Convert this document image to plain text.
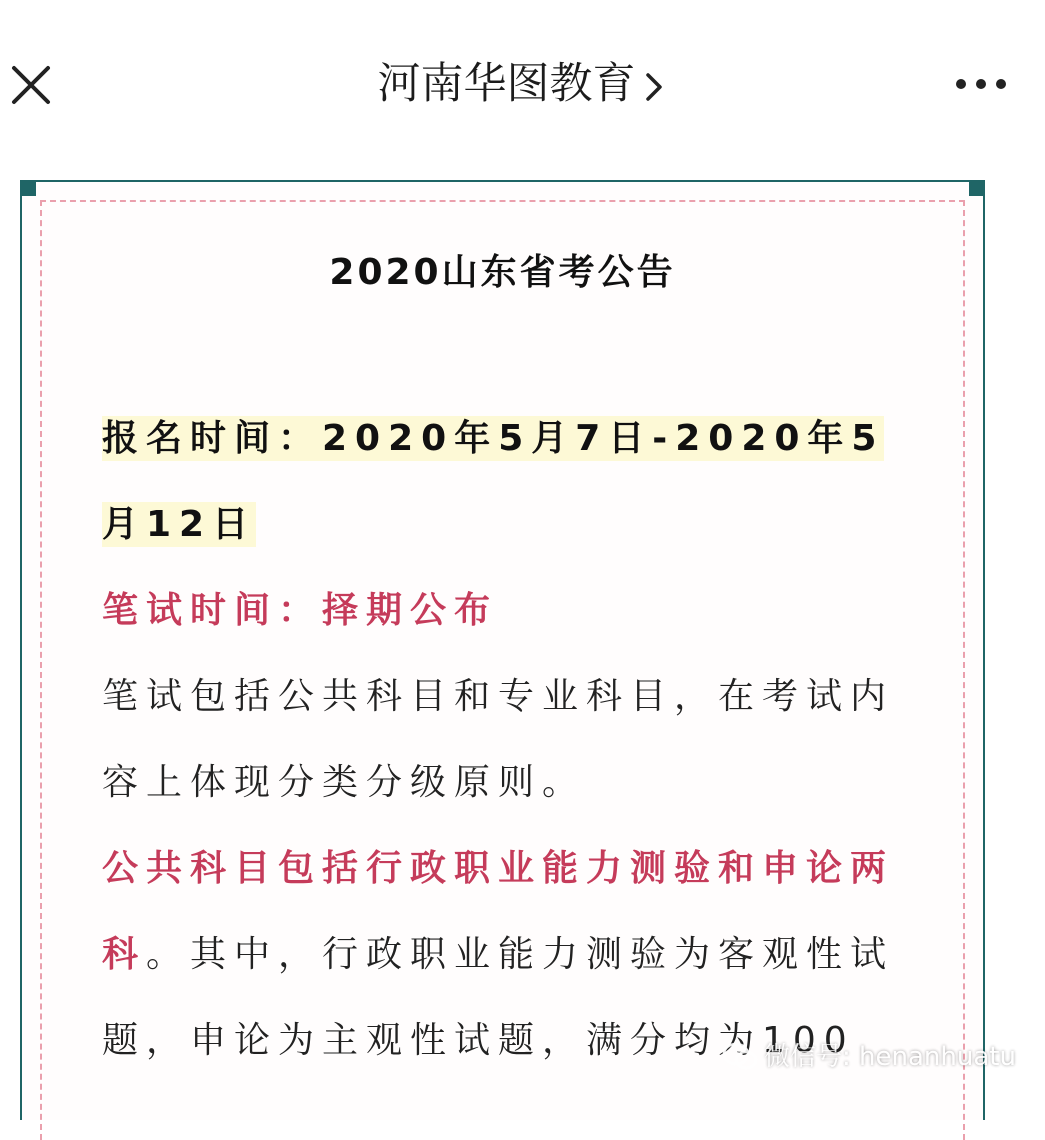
河南华图教育
2020山东省考公告

报名时间：2020年5月7日-2020年5月12日

笔试时间：择期公布

笔试包括公共科目和专业科目，在考试内容上体现分类分级原则。

公共科目包括行政职业能力测验和申论两科。其中，行政职业能力测验为客观性试题，申论为主观性试题，满分均为100

微信号: henanhuatu
